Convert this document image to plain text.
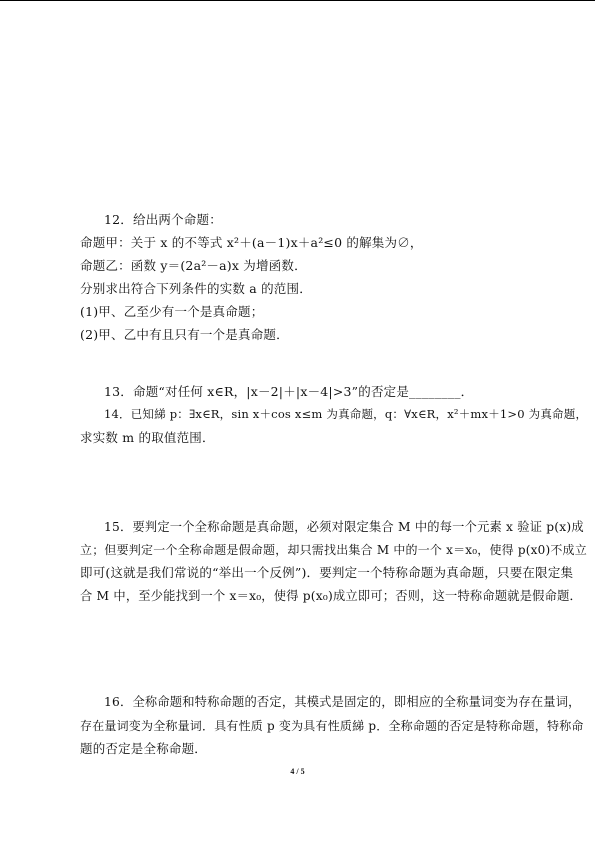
12．给出两个命题：
命题甲：关于 x 的不等式 x²＋(a－1)x＋a²≤0 的解集为∅，
命题乙：函数 y＝(2a²－a)x 为增函数．
分别求出符合下列条件的实数 a 的范围．
(1)甲、乙至少有一个是真命题；
(2)甲、乙中有且只有一个是真命题．
13．命题“对任何 x∈R，|x－2|＋|x－4|>3”的否定是________．
14．已知綈 p：∃x∈R，sin x＋cos x≤m 为真命题，q：∀x∈R，x²＋mx＋1>0 为真命题，
求实数 m 的取值范围．
15．要判定一个全称命题是真命题，必须对限定集合 M 中的每一个元素 x 验证 p(x)成
立；但要判定一个全称命题是假命题，却只需找出集合 M 中的一个 x＝x₀，使得 p(x0)不成立
即可(这就是我们常说的“举出一个反例”)．要判定一个特称命题为真命题，只要在限定集
合 M 中，至少能找到一个 x＝x₀，使得 p(x₀)成立即可；否则，这一特称命题就是假命题．
16．全称命题和特称命题的否定，其模式是固定的，即相应的全称量词变为存在量词，
存在量词变为全称量词．具有性质 p 变为具有性质綈 p．全称命题的否定是特称命题，特称命
题的否定是全称命题．
4 / 5
